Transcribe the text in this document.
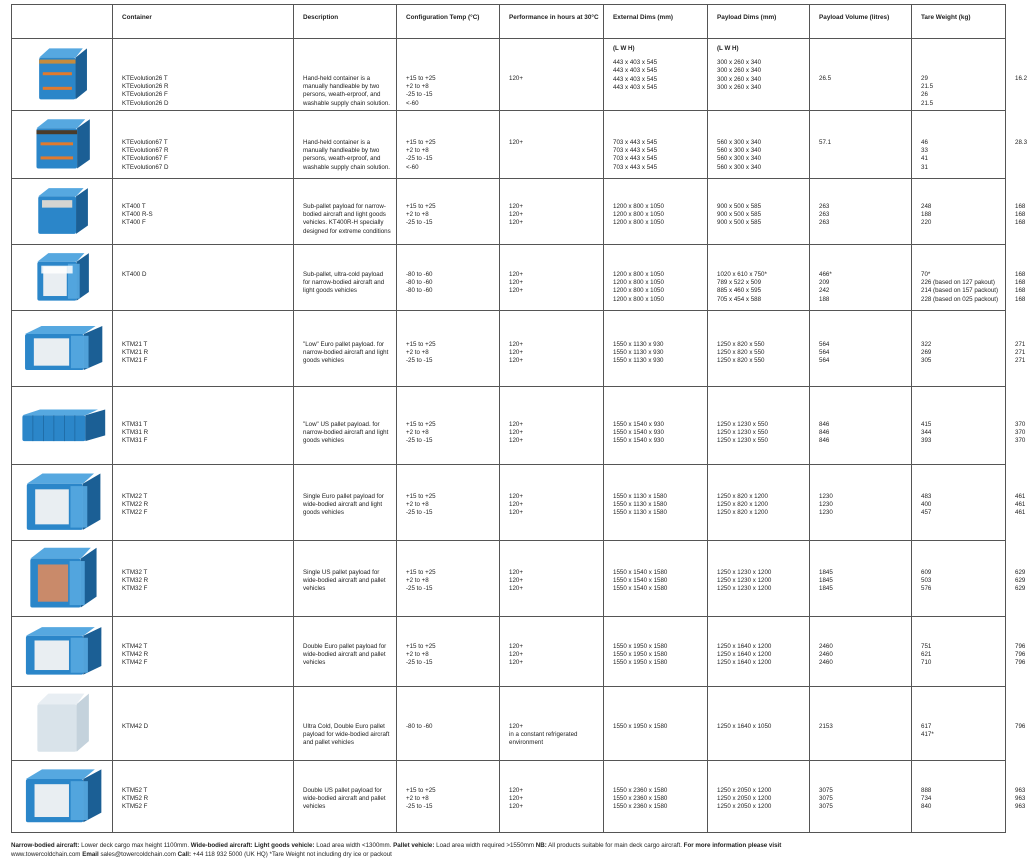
	Container	Description	Configuration Temp (°C)	Performance in hours at 30°C	External Dims (mm)	Payload Dims (mm)	Payload Volume (litres)	Tare Weight (kg)	

KTEvolution26 T
KTEvolution26 R
KTEvolution26 F
KTEvolution26 D	Hand-held container is a manually handleable by two persons, weath-erproof, and washable supply chain solution.	+15 to +25
+2 to +8
-25 to -15
<-60	120+	(L W H)
443 x 403 x 545
443 x 403 x 545
443 x 403 x 545
443 x 403 x 545	(L W H)
300 x 260 x 340
300 x 260 x 340
300 x 260 x 340
300 x 260 x 340	26.5	29
21.5
26
21.5	16.2

KTEvolution67 T
KTEvolution67 R
KTEvolution67 F
KTEvolution67 D	Hand-held container is a manually handleable by two persons, weath-erproof, and washable supply chain solution.	+15 to +25
+2 to +8
-25 to -15
<-60	120+	703 x 443 x 545
703 x 443 x 545
703 x 443 x 545
703 x 443 x 545	560 x 300 x 340
560 x 300 x 340
560 x 300 x 340
560 x 300 x 340	57.1	46
33
41
31	28.3

KT400 T
KT400 R-S
KT400 F	Sub-pallet payload for narrow-bodied aircraft and light goods vehicles. KT400R-H specially designed for extreme conditions	+15 to +25
+2 to +8
-25 to -15	120+
120+
120+	1200 x 800 x 1050
1200 x 800 x 1050
1200 x 800 x 1050	900 x 500 x 585
900 x 500 x 585
900 x 500 x 585	263
263
263	248
188
220	168
168
168

KT400 D	Sub-pallet, ultra-cold payload for narrow-bodied aircraft and light goods vehicles	-80 to -60
-80 to -60
-80 to -60	120+
120+
120+	1200 x 800 x 1050
1200 x 800 x 1050
1200 x 800 x 1050
1200 x 800 x 1050	1020 x 610 x 750*
789 x 522 x 509
885 x 460 x 595
705 x 454 x 588	466*
209
242
188	70*
226 (based on 127 pakout)
214 (based on 157 packout)
228 (based on 025 packout)	168
168
168
168

KTM21 T
KTM21 R
KTM21 F	"Low" Euro pallet payload. for narrow-bodied aircraft and light goods vehicles	+15 to +25
+2 to +8
-25 to -15	120+
120+
120+	1550 x 1130 x 930
1550 x 1130 x 930
1550 x 1130 x 930	1250 x 820 x 550
1250 x 820 x 550
1250 x 820 x 550	564
564
564	322
269
305	271
271
271

KTM31 T
KTM31 R
KTM31 F	"Low" US pallet payload. for narrow-bodied aircraft and light goods vehicles	+15 to +25
+2 to +8
-25 to -15	120+
120+
120+	1550 x 1540 x 930
1550 x 1540 x 930
1550 x 1540 x 930	1250 x 1230 x 550
1250 x 1230 x 550
1250 x 1230 x 550	846
846
846	415
344
393	370
370
370

KTM22 T
KTM22 R
KTM22 F	Single Euro pallet payload for wide-bodied aircraft and light goods vehicles	+15 to +25
+2 to +8
-25 to -15	120+
120+
120+	1550 x 1130 x 1580
1550 x 1130 x 1580
1550 x 1130 x 1580	1250 x 820 x 1200
1250 x 820 x 1200
1250 x 820 x 1200	1230
1230
1230	483
400
457	461
461
461

KTM32 T
KTM32 R
KTM32 F	Single US pallet payload for wide-bodied aircraft and pallet vehicles	+15 to +25
+2 to +8
-25 to -15	120+
120+
120+	1550 x 1540 x 1580
1550 x 1540 x 1580
1550 x 1540 x 1580	1250 x 1230 x 1200
1250 x 1230 x 1200
1250 x 1230 x 1200	1845
1845
1845	609
503
576	629
629
629

KTM42 T
KTM42 R
KTM42 F	Double Euro pallet payload for wide-bodied aircraft and pallet vehicles	+15 to +25
+2 to +8
-25 to -15	120+
120+
120+	1550 x 1950 x 1580
1550 x 1950 x 1580
1550 x 1950 x 1580	1250 x 1640 x 1200
1250 x 1640 x 1200
1250 x 1640 x 1200	2460
2460
2460	751
621
710	796
796
796

KTM42 D	Ultra Cold, Double Euro pallet payload for wide-bodied aircraft and pallet vehicles	-80 to -60	120+
in a constant refrigerated environment	1550 x 1950 x 1580	1250 x 1640 x 1050	2153	617
417*	796

KTM52 T
KTM52 R
KTM52 F	Double US pallet payload for wide-bodied aircraft and pallet vehicles	+15 to +25
+2 to +8
-25 to -15	120+
120+
120+	1550 x 2360 x 1580
1550 x 2360 x 1580
1550 x 2360 x 1580	1250 x 2050 x 1200
1250 x 2050 x 1200
1250 x 2050 x 1200	3075
3075
3075	888
734
840	963
963
963
Narrow-bodied aircraft: Lower deck cargo max height 1100mm. Wide-bodied aircraft: Light goods vehicle: Load area width <1300mm. Pallet vehicle: Load area width required >1550mm NB: All products suitable for main deck cargo aircraft. For more information please visit
www.towercoldchain.com Email sales@towercoldchain.com Call: +44 118 932 5000 (UK HQ) *Tare Weight not including dry ice or packout
